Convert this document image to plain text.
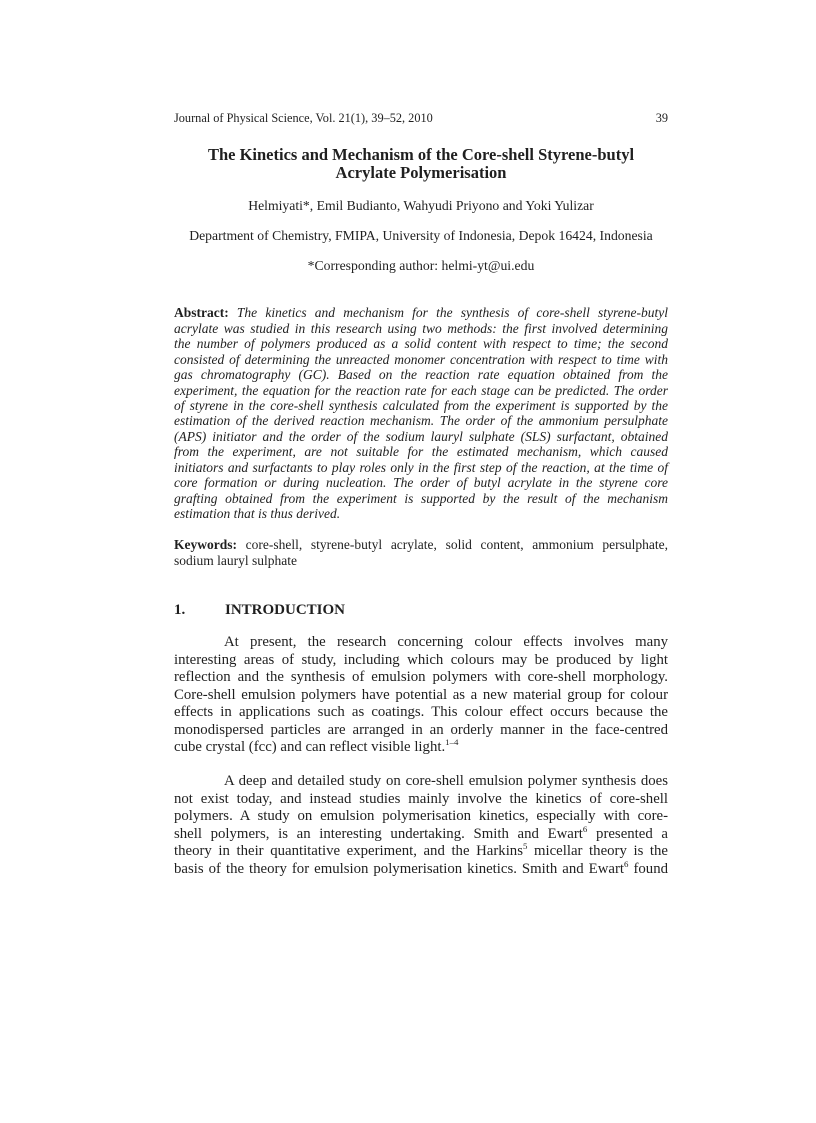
Journal of Physical Science, Vol. 21(1), 39–52, 2010	39
The Kinetics and Mechanism of the Core-shell Styrene-butyl
Acrylate Polymerisation
Helmiyati*, Emil Budianto, Wahyudi Priyono and Yoki Yulizar
Department of Chemistry, FMIPA, University of Indonesia, Depok 16424, Indonesia
*Corresponding author: helmi-yt@ui.edu
Abstract: The kinetics and mechanism for the synthesis of core-shell styrene-butyl
acrylate was studied in this research using two methods: the first involved determining
the number of polymers produced as a solid content with respect to time; the second
consisted of determining the unreacted monomer concentration with respect to time with
gas chromatography (GC). Based on the reaction rate equation obtained from the
experiment, the equation for the reaction rate for each stage can be predicted. The order
of styrene in the core-shell synthesis calculated from the experiment is supported by the
estimation of the derived reaction mechanism. The order of the ammonium persulphate
(APS) initiator and the order of the sodium lauryl sulphate (SLS) surfactant, obtained
from the experiment, are not suitable for the estimated mechanism, which caused
initiators and surfactants to play roles only in the first step of the reaction, at the time of
core formation or during nucleation. The order of butyl acrylate in the styrene core
grafting obtained from the experiment is supported by the result of the mechanism
estimation that is thus derived.
Keywords: core-shell, styrene-butyl acrylate, solid content, ammonium persulphate,
sodium lauryl sulphate
1.	INTRODUCTION
At present, the research concerning colour effects involves many
interesting areas of study, including which colours may be produced by light
reflection and the synthesis of emulsion polymers with core-shell morphology.
Core-shell emulsion polymers have potential as a new material group for colour
effects in applications such as coatings. This colour effect occurs because the
monodispersed particles are arranged in an orderly manner in the face-centred
cube crystal (fcc) and can reflect visible light.$^{1-4}$
A deep and detailed study on core-shell emulsion polymer synthesis does
not exist today, and instead studies mainly involve the kinetics of core-shell
polymers. A study on emulsion polymerisation kinetics, especially with core-
shell polymers, is an interesting undertaking. Smith and Ewart$^6$ presented a
theory in their quantitative experiment, and the Harkins$^5$ micellar theory is the
basis of the theory for emulsion polymerisation kinetics. Smith and Ewart$^6$ found
